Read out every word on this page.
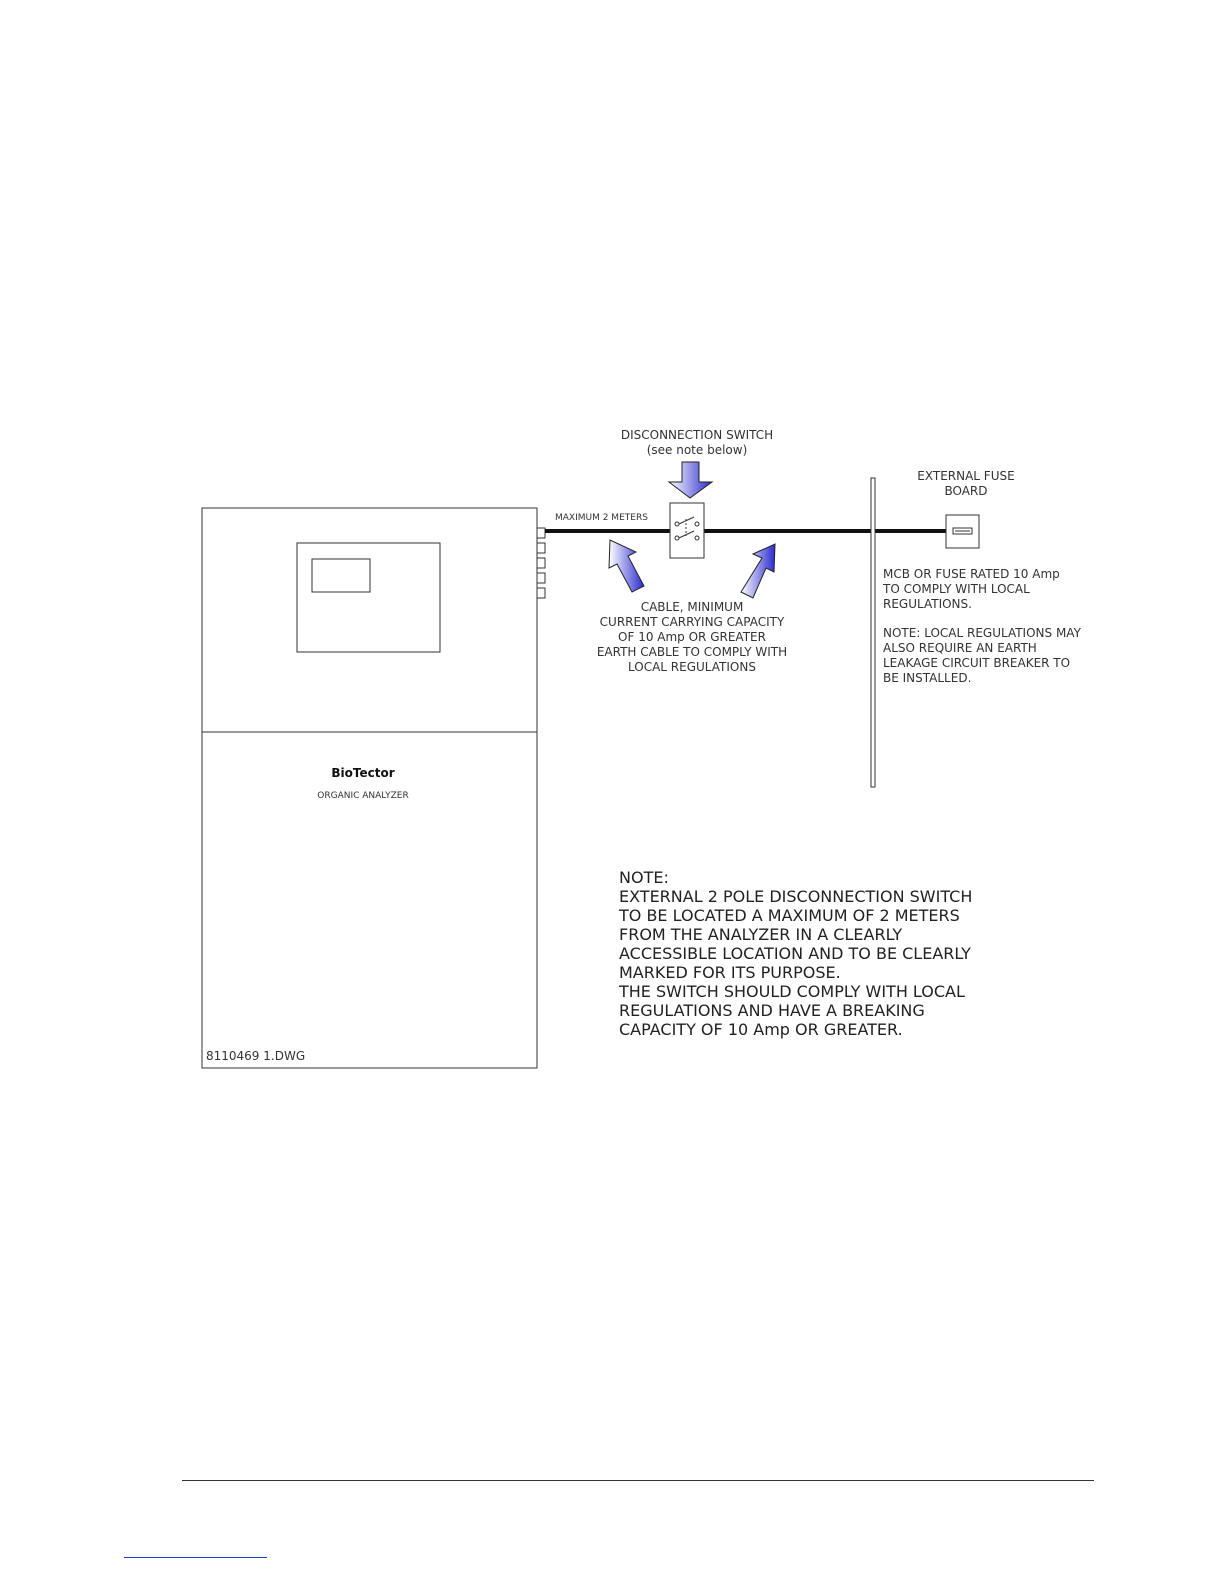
BioTector
ORGANIC ANALYZER
8110469 1.DWG
MAXIMUM 2 METERS
DISCONNECTION SWITCH
(see note below)
CABLE, MINIMUM
CURRENT CARRYING CAPACITY
OF 10 Amp OR GREATER
EARTH CABLE TO COMPLY WITH
LOCAL REGULATIONS
EXTERNAL FUSE
BOARD
MCB OR FUSE RATED 10 Amp
TO COMPLY WITH LOCAL
REGULATIONS.
NOTE: LOCAL REGULATIONS MAY
ALSO REQUIRE AN EARTH
LEAKAGE CIRCUIT BREAKER TO
BE INSTALLED.
NOTE:
EXTERNAL 2 POLE DISCONNECTION SWITCH
TO BE LOCATED A MAXIMUM OF 2 METERS
FROM THE ANALYZER IN A CLEARLY
ACCESSIBLE LOCATION AND TO BE CLEARLY
MARKED FOR ITS PURPOSE.
THE SWITCH SHOULD COMPLY WITH LOCAL
REGULATIONS AND HAVE A BREAKING
CAPACITY OF 10 Amp OR GREATER.
